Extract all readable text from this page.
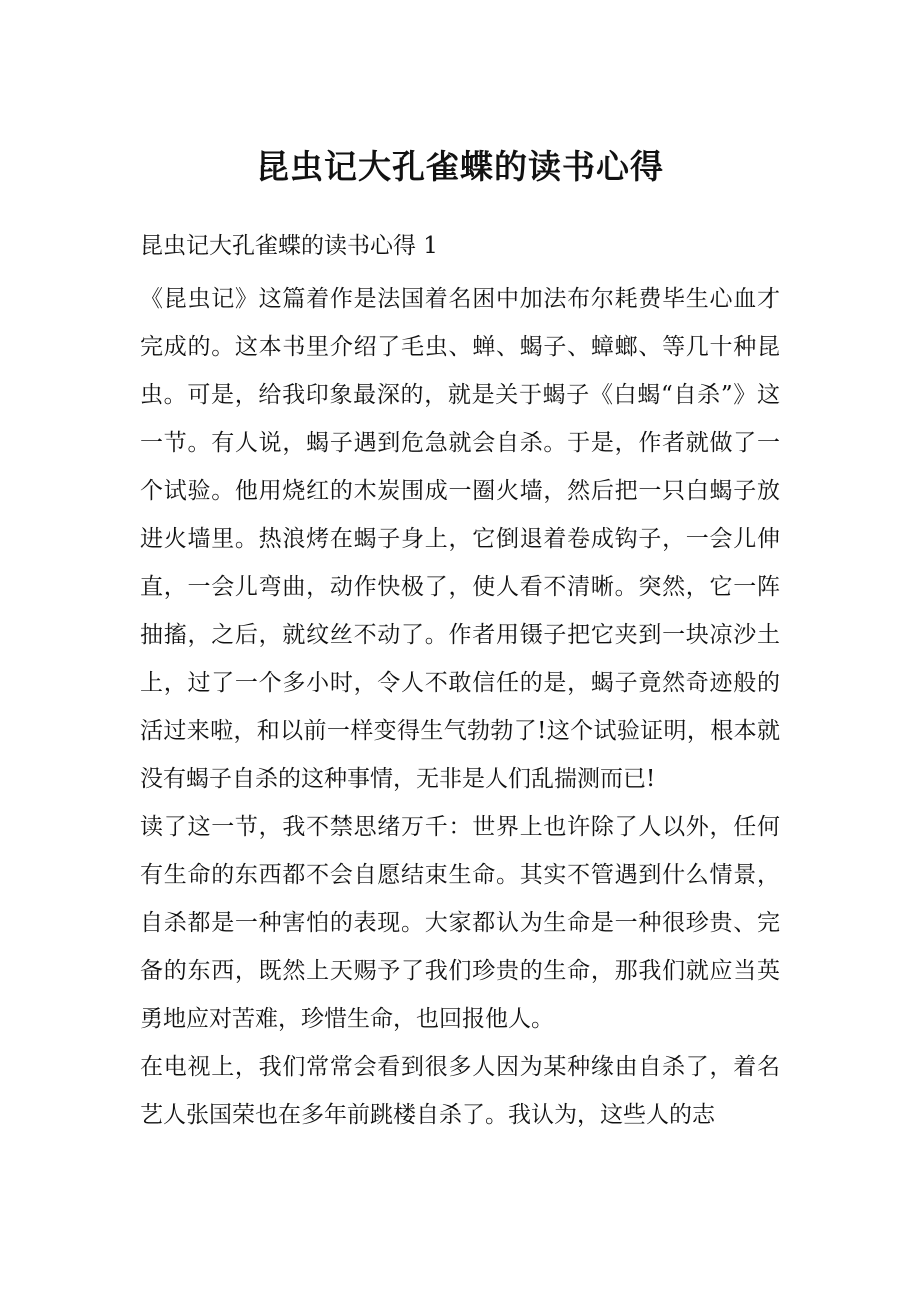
昆虫记大孔雀蝶的读书心得

昆虫记大孔雀蝶的读书心得 1

《昆虫记》这篇着作是法国着名困中加法布尔耗费毕生心血才完成的。这本书里介绍了毛虫、蝉、蝎子、蟑螂、等几十种昆虫。可是，给我印象最深的，就是关于蝎子《白蝎“自杀”》这一节。有人说，蝎子遇到危急就会自杀。于是，作者就做了一个试验。他用烧红的木炭围成一圈火墙，然后把一只白蝎子放进火墙里。热浪烤在蝎子身上，它倒退着卷成钩子，一会儿伸直，一会儿弯曲，动作快极了，使人看不清晰。突然，它一阵抽搐，之后，就纹丝不动了。作者用镊子把它夹到一块凉沙土上，过了一个多小时，令人不敢信任的是，蝎子竟然奇迹般的活过来啦，和以前一样变得生气勃勃了!这个试验证明，根本就没有蝎子自杀的这种事情，无非是人们乱揣测而已!

读了这一节，我不禁思绪万千：世界上也许除了人以外，任何有生命的东西都不会自愿结束生命。其实不管遇到什么情景，自杀都是一种害怕的表现。大家都认为生命是一种很珍贵、完备的东西，既然上天赐予了我们珍贵的生命，那我们就应当英勇地应对苦难，珍惜生命，也回报他人。

在电视上，我们常常会看到很多人因为某种缘由自杀了，着名艺人张国荣也在多年前跳楼自杀了。我认为，这些人的志
